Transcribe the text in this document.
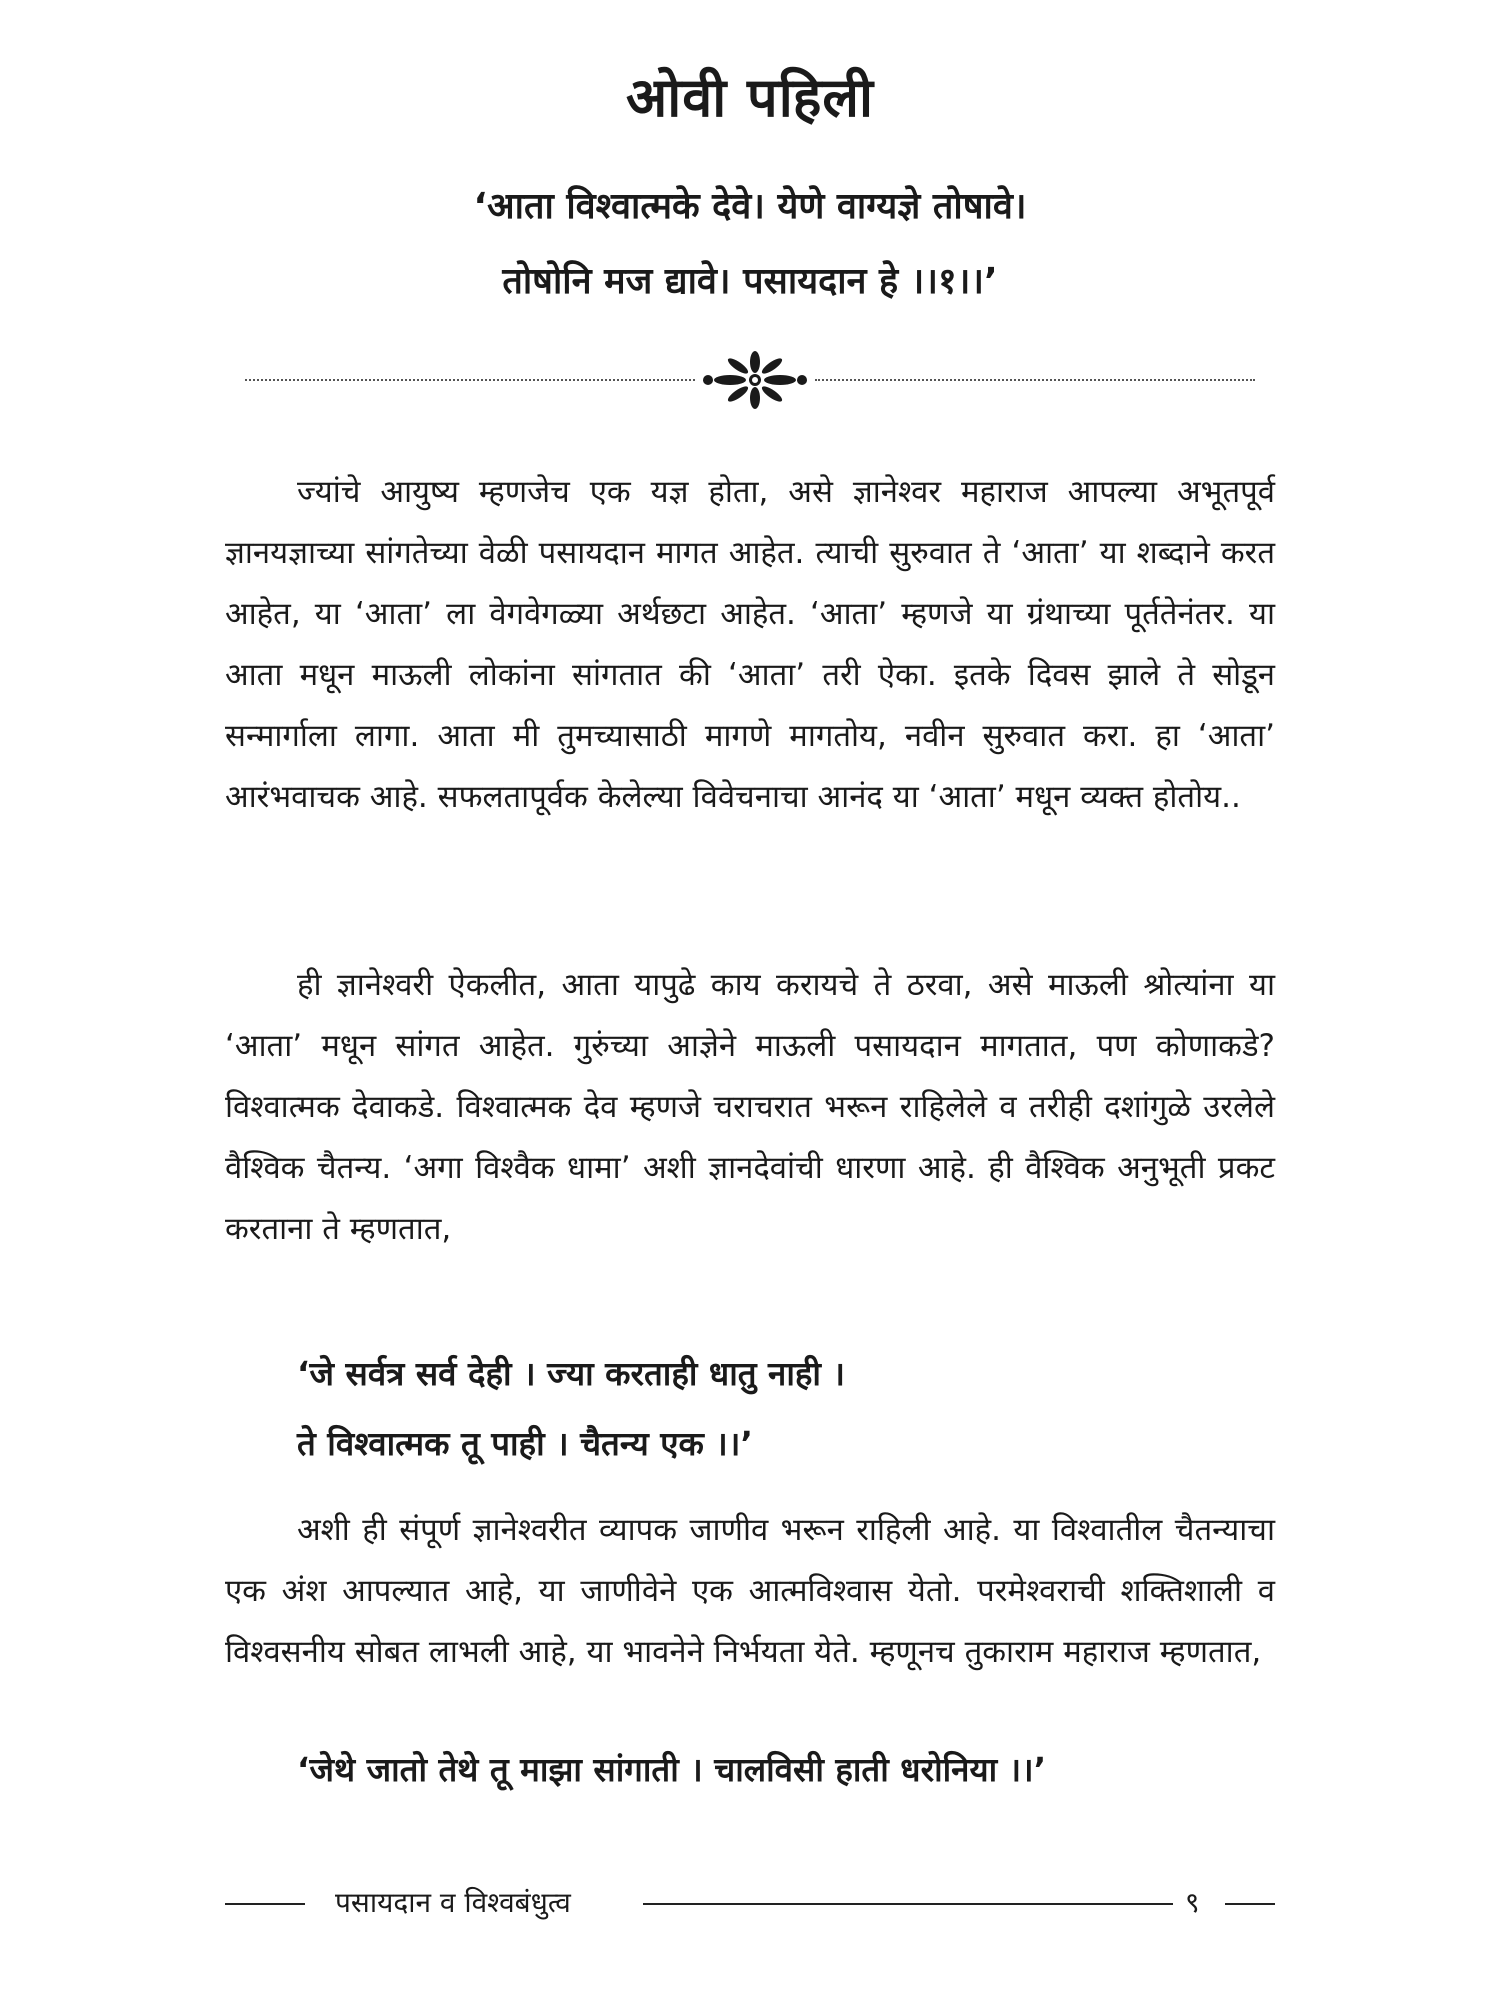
ओवी पहिली
‘आता विश्वात्मके देवे। येणे वाग्यज्ञे तोषावे।
तोषोनि मज द्यावे। पसायदान हे ।।१।।’
ज्यांचे आयुष्य म्हणजेच एक यज्ञ होता, असे ज्ञानेश्वर महाराज आपल्या अभूतपूर्व ज्ञानयज्ञाच्या सांगतेच्या वेळी पसायदान मागत आहेत. त्याची सुरुवात ते ‘आता’ या शब्दाने करत आहेत, या ‘आता’ ला वेगवेगळ्या अर्थछटा आहेत. ‘आता’ म्हणजे या ग्रंथाच्या पूर्ततेनंतर. या आता मधून माऊली लोकांना सांगतात की ‘आता’ तरी ऐका. इतके दिवस झाले ते सोडून सन्मार्गाला लागा. आता मी तुमच्यासाठी मागणे मागतोय, नवीन सुरुवात करा. हा ‘आता’ आरंभवाचक आहे. सफलतापूर्वक केलेल्या विवेचनाचा आनंद या ‘आता’ मधून व्यक्त होतोय..
ही ज्ञानेश्वरी ऐकलीत, आता यापुढे काय करायचे ते ठरवा, असे माऊली श्रोत्यांना या ‘आता’ मधून सांगत आहेत. गुरुंच्या आज्ञेने माऊली पसायदान मागतात, पण कोणाकडे? विश्वात्मक देवाकडे. विश्वात्मक देव म्हणजे चराचरात भरून राहिलेले व तरीही दशांगुळे उरलेले वैश्विक चैतन्य. ‘अगा विश्वैक धामा’ अशी ज्ञानदेवांची धारणा आहे. ही वैश्विक अनुभूती प्रकट करताना ते म्हणतात,
‘जे सर्वत्र सर्व देही । ज्या करताही धातु नाही ।
ते विश्वात्मक तू पाही । चैतन्य एक ।।’
अशी ही संपूर्ण ज्ञानेश्वरीत व्यापक जाणीव भरून राहिली आहे. या विश्वातील चैतन्याचा एक अंश आपल्यात आहे, या जाणीवेने एक आत्मविश्वास येतो. परमेश्वराची शक्तिशाली व विश्वसनीय सोबत लाभली आहे, या भावनेने निर्भयता येते. म्हणूनच तुकाराम महाराज म्हणतात,
‘जेथे जातो तेथे तू माझा सांगाती । चालविसी हाती धरोनिया ।।’
पसायदान व विश्वबंधुत्व	९
